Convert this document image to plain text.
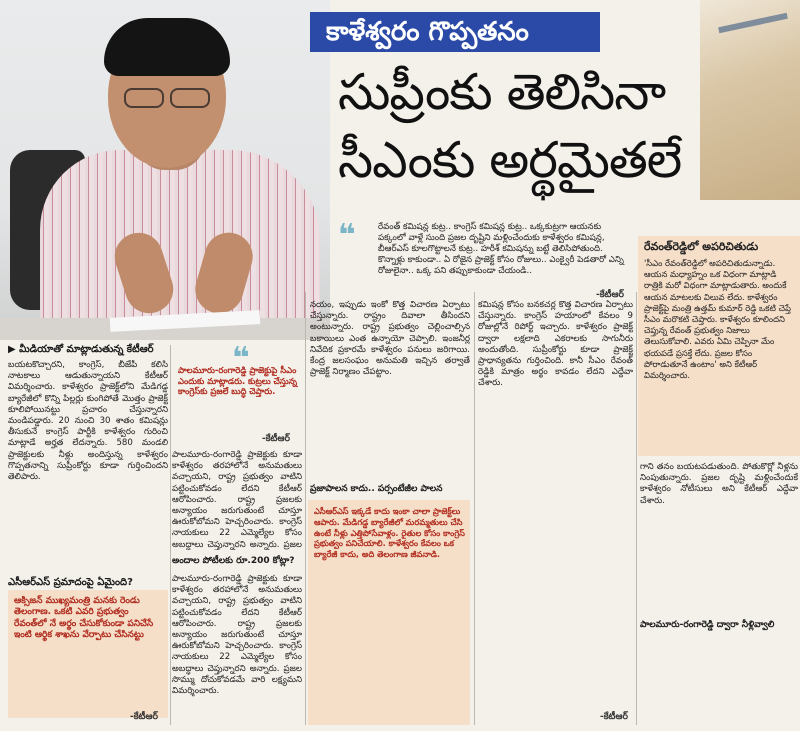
కాళేశ్వరం గొప్పతనం
సుప్రీంకు తెలిసినా
సీఎంకు అర్థమైతలే
▶ మీడియాతో మాట్లాడుతున్న కేటీఆర్
❝	రేవంత్ కమిషన్ల కుట్ర.. కాంగ్రెస్ కమిషన్ల కుట్ర.. ఒక్కకుట్రగా ఆయనకు పక్కంలో వాళ్లే సుంది ప్రజల దృష్టిని మళ్లించేందుకు కాళేశ్వరం కమిషన్ల, బీఆర్ఎస్ కూలగొట్టాలనే కుట్ర.. హరీశ్ కమిషన్ను బట్టే తెలిసిపోతుంది. కొన్నాళ్లు కాకుండా.. ఏ రోజైన ప్రాజెక్ట్ కోసం రోజులు.. ఎంక్వైరీ పెడతారో ఎన్ని రోజులైనా.. ఒక్క పని తప్పుకాకుండా చేయండి..
-కేటీఆర్
రేవంత్‌రెడ్డిలో అపరిచితుడు
'సీఎం రేవంత్‌రెడ్డిలో అపరిచితుడున్నాడు. ఆయన మధ్యాహ్నం ఒక విధంగా మాట్లాడి రాత్రికి మరో విధంగా మాట్లాడుతారు. అందుకే ఆయన మాటలకు విలువ లేదు. కాళేశ్వరం ప్రాజెక్ట్‌పై మంత్రి ఉత్తమ్ కుమార్ రెడ్డి ఒకటి చెప్తే సీఎం మరొకటి చెప్తారు. కాళేశ్వరం కూలిందని చెప్తున్న రేవంత్ ప్రభుత్వం నిజాలు తెలుసుకోవాలి. ఎవరు ఏమి చెప్పినా మేం భయపడే ప్రసక్తే లేదు. ప్రజల కోసం పోరాడుతూనే ఉంటాం' అని కేటీఆర్ విమర్శించారు.
బయటకొచ్చారని, కాంగ్రెస్, బీజేపీ కలిసి నాటకాలు ఆడుతున్నాయని కేటీఆర్ విమర్శించారు. కాళేశ్వరం ప్రాజెక్ట్‌లోని మేడిగడ్డ బ్యారేజీలో కొన్ని పిల్లర్లు కుంగిపోతే మొత్తం ప్రాజెక్ట్ కూలిపోయినట్టు ప్రచారం చేస్తున్నారని మండిపడ్డారు. 20 నుంచి 30 శాతం కమిషన్లు తీసుకునే కాంగ్రెస్ పార్టీకి కాళేశ్వరం గురించి మాట్లాడే అర్హత లేదన్నారు. 580 మండలి ప్రాజెక్టులకు నీళ్లు అందిస్తున్న కాళేశ్వరం గొప్పతనాన్ని సుప్రీంకోర్టు కూడా గుర్తించిందని తెలిపారు.
ఎసీఆర్‌ఎస్ ప్రమాదంపై ఏమైంది?
❝
పాలమూరు-రంగారెడ్డి ప్రాజెక్టుపై సీఎం ఎందుకు మాట్లాడరు. కుట్రలు చేస్తున్న కాంగ్రెస్‌కు ప్రజలే బుద్ధి చెప్తారు.
-కేటీఆర్
పాలమూరు-రంగారెడ్డి ప్రాజెక్టుకు కూడా కాళేశ్వరం తరహాలోనే అనుమతులు వచ్చాయని, రాష్ట్ర ప్రభుత్వం వాటిని పట్టించుకోవడం లేదని కేటీఆర్ ఆరోపించారు. రాష్ట్ర ప్రజలకు అన్యాయం జరుగుతుంటే చూస్తూ ఊరుకోబోమని హెచ్చరించారు. కాంగ్రెస్ నాయకులు 22 ఎమ్మెల్యేల కోసం అబద్ధాలు చెప్తున్నారని అన్నారు. ప్రజల
అందాల పోటీలకు రూ.200 కోట్లా?
పాలమూరు-రంగారెడ్డి ప్రాజెక్టుకు కూడా కాళేశ్వరం తరహాలోనే అనుమతులు వచ్చాయని, రాష్ట్ర ప్రభుత్వం వాటిని పట్టించుకోవడం లేదని కేటీఆర్ ఆరోపించారు. రాష్ట్ర ప్రజలకు అన్యాయం జరుగుతుంటే చూస్తూ ఊరుకోబోమని హెచ్చరించారు. కాంగ్రెస్ నాయకులు 22 ఎమ్మెల్యేల కోసం అబద్ధాలు చెప్తున్నారని అన్నారు. ప్రజల సొమ్ము దోచుకోవడమే వారి లక్ష్యమని విమర్శించారు.
నయం, ఇప్పుడు ఇంకో కొత్త విచారణ ఏర్పాటు చేస్తున్నారు. రాష్ట్రం దివాలా తీసిందని అంటున్నారు. రాష్ట్ర ప్రభుత్వం చెల్లించాల్సిన బకాయిలు ఎంత ఉన్నాయో చెప్పాలి. ఇంజనీర్ల నివేదిక ప్రకారమే కాళేశ్వరం పనులు జరిగాయి. కేంద్ర జలసంఘం అనుమతి ఇచ్చిన తర్వాతే ప్రాజెక్ట్ నిర్మాణం చేపట్టాం.
ప్రజాపాలన కాదు.. పర్సంటేజీల పాలన
కమిషన్ల కోసం బనకచర్ల కొత్త విచారణ ఏర్పాటు చేస్తున్నారు. కాంగ్రెస్ హయాంలో కేవలం 9 రోజుల్లోనే రిపోర్ట్ ఇచ్చారు. కాళేశ్వరం ప్రాజెక్ట్ ద్వారా లక్షలాది ఎకరాలకు సాగునీరు అందుతోంది. సుప్రీంకోర్టు కూడా ప్రాజెక్ట్ ప్రాధాన్యతను గుర్తించింది. కానీ సీఎం రేవంత్ రెడ్డికి మాత్రం అర్థం కావడం లేదని ఎద్దేవా చేశారు.
గాని తనం బయటపడుతుంది. పోతుకొర్లో నీళ్లను నింపుతున్నారు. ప్రజల దృష్టి మళ్లించేందుకే కాళేశ్వరం నోటీసులు అని కేటీఆర్ ఎద్దేవా చేశారు.
పాలమూరు-రంగారెడ్డి ద్వారా నీళ్లివ్వాలి
ఆక్సిజన్ ముఖ్యమంత్రి మనకు రెండు తెలంగాణ. ఒకటి ఎవరి ప్రభుత్వం రేవంత్‌లో నే అర్థం చేసుకోకుండా పనిచేసే ఇంటి ఆర్థిక శాఖను వేర్పాటు చేసినట్టు
-కేటీఆర్
ఎసీఆర్‌ఎస్ ఇక్కడే కాదు ఇంకా చాలా ప్రాజెక్ట్‌లు ఆపారు. మేడిగడ్డ బ్యారేజీలో మరమ్మతులు చేసి ఉంటే నీళ్లు ఎత్తిపోసేవాళ్లం. రైతుల కోసం కాంగ్రెస్ ప్రభుత్వం పనిచేయాలి. కాళేశ్వరం కేవలం ఒక బ్యారేజీ కాదు, అది తెలంగాణ జీవనాడి.
-కేటీఆర్
